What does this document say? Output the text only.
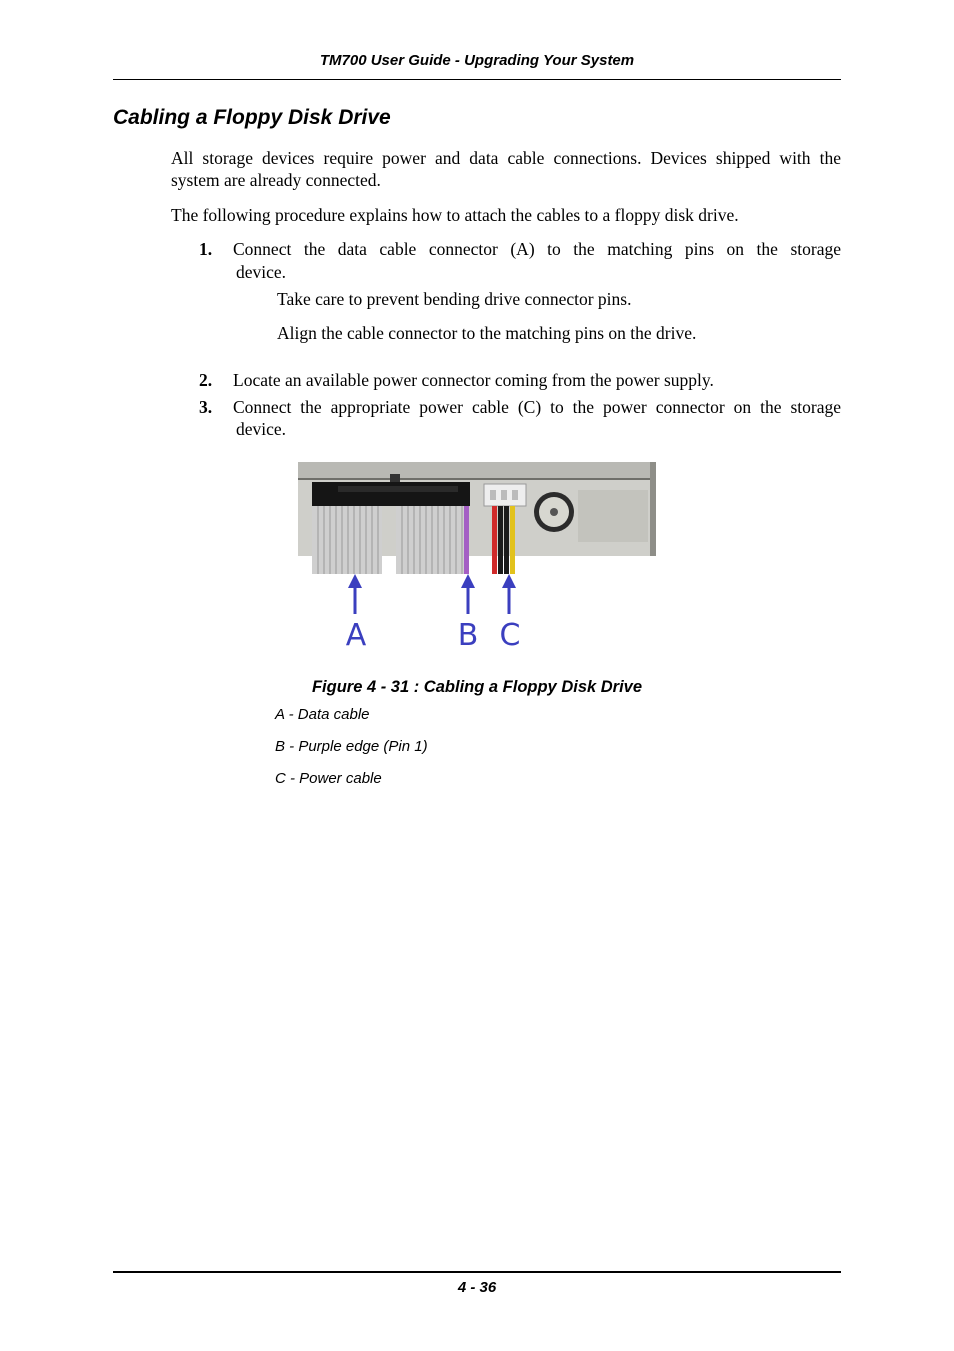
TM700 User Guide - Upgrading Your System
Cabling a Floppy Disk Drive
All storage devices require power and data cable connections. Devices shipped with the
system are already connected.
The following procedure explains how to attach the cables to a floppy disk drive.
1. Connect the data cable connector (A) to the matching pins on the storage
device.
Take care to prevent bending drive connector pins.
Align the cable connector to the matching pins on the drive.
2. Locate an available power connector coming from the power supply.
3. Connect the appropriate power cable (C) to the power connector on the storage
device.
A	B C
Figure 4 - 31 : Cabling a Floppy Disk Drive
A - Data cable
B - Purple edge (Pin 1)
C - Power cable
4 - 36
